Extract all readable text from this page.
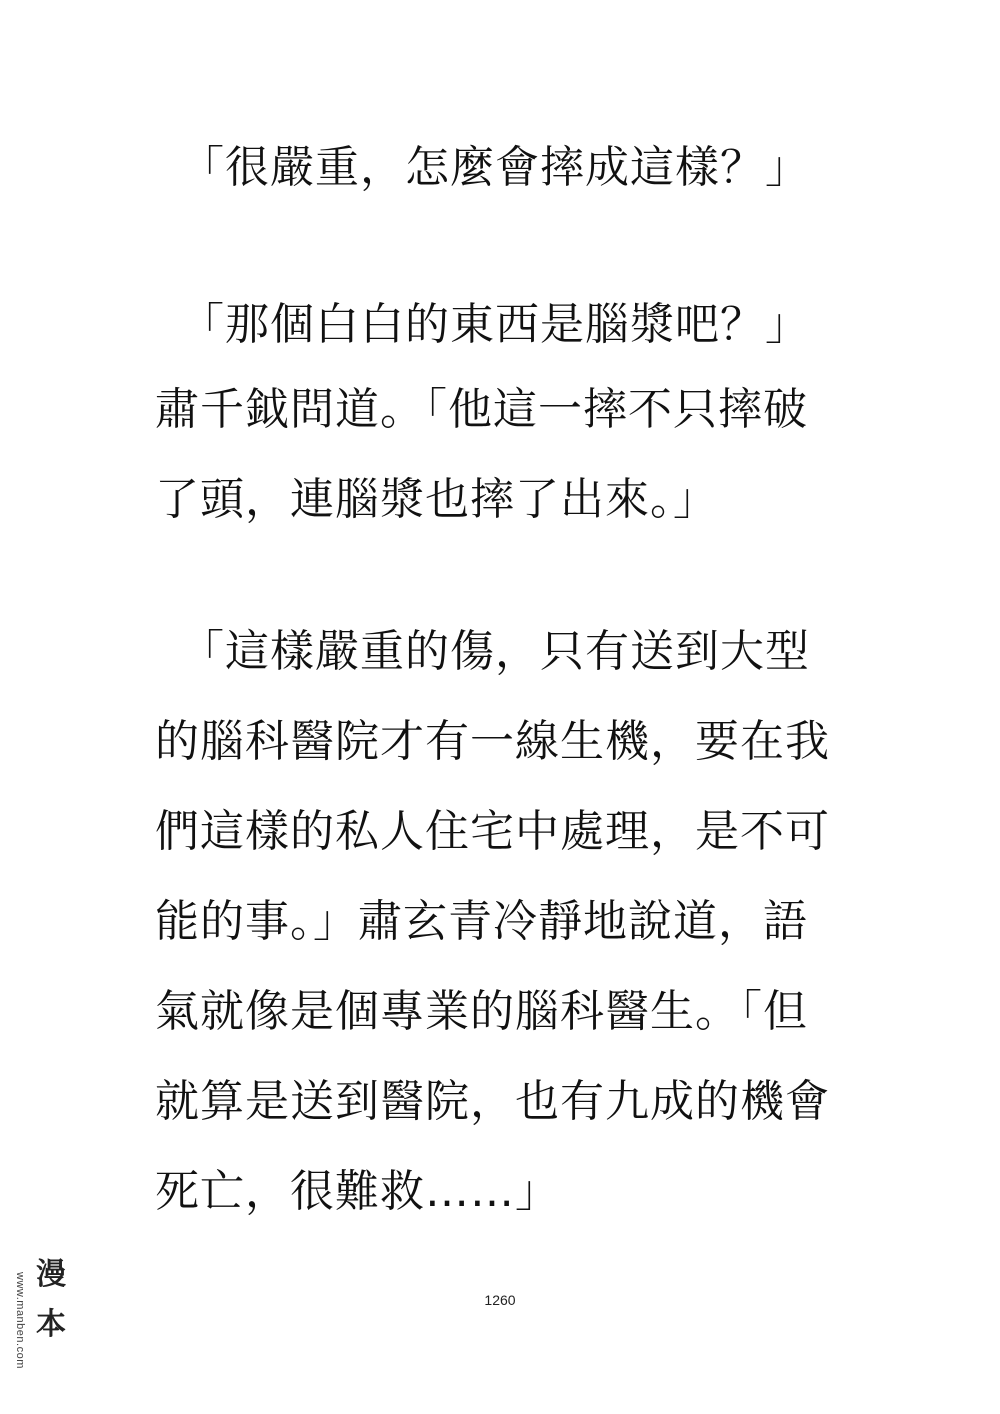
「很嚴重，怎麼會摔成這樣？」
「那個白白的東西是腦漿吧？」
肅千鉞問道。「他這一摔不只摔破
了頭，連腦漿也摔了出來。」
「這樣嚴重的傷，只有送到大型
的腦科醫院才有一線生機，要在我
們這樣的私人住宅中處理，是不可
能的事。」肅玄青冷靜地說道，語
氣就像是個專業的腦科醫生。「但
就算是送到醫院，也有九成的機會
死亡，很難救……」
1260
www.manben.com 漫
本
